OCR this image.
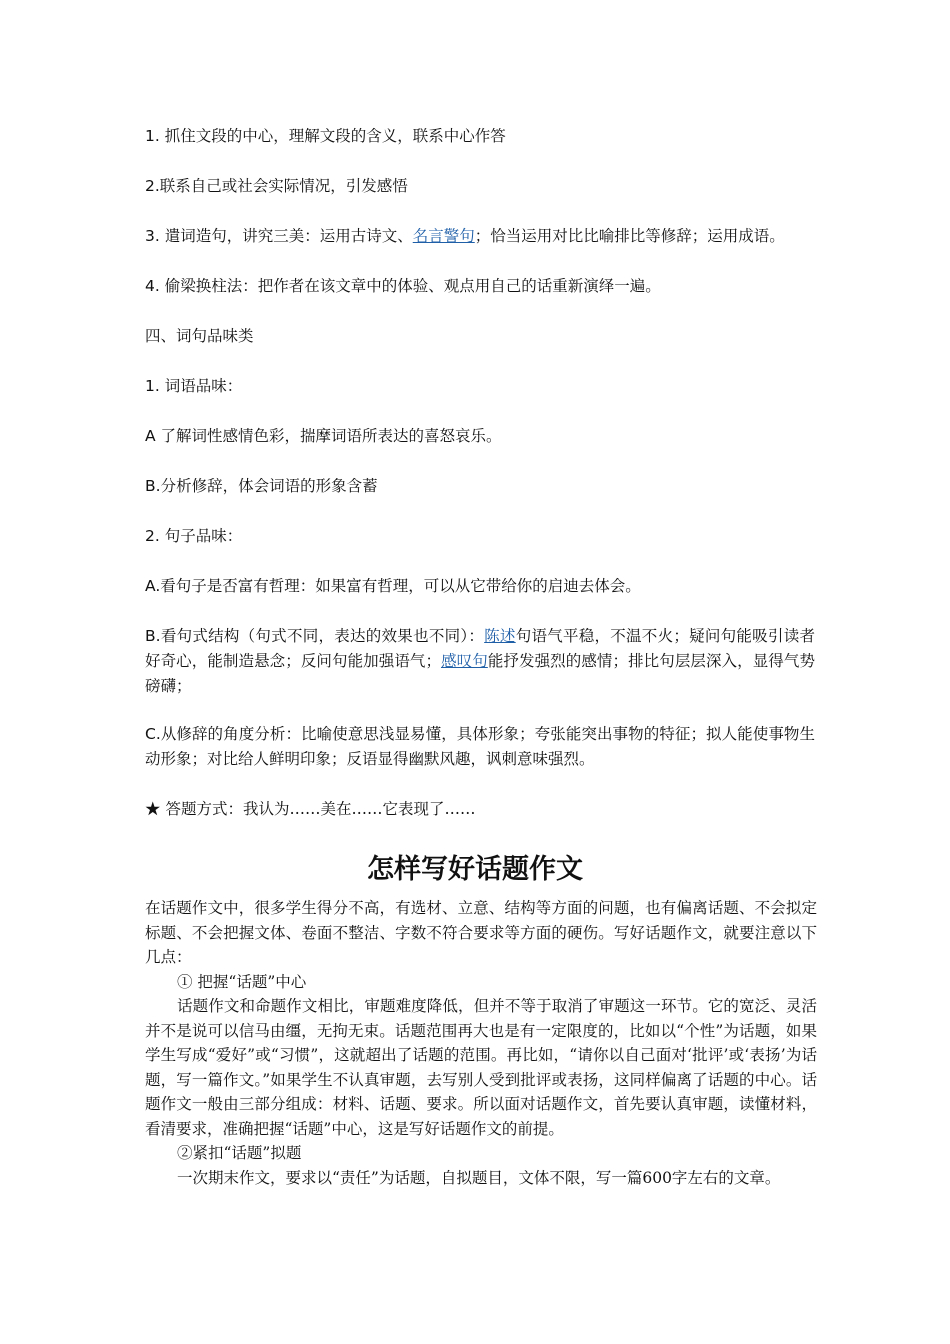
1. 抓住文段的中心，理解文段的含义，联系中心作答
2.联系自己或社会实际情况，引发感悟
3. 遣词造句，讲究三美：运用古诗文、名言警句；恰当运用对比比喻排比等修辞；运用成语。
4. 偷梁换柱法：把作者在该文章中的体验、观点用自己的话重新演绎一遍。
四、词句品味类
1. 词语品味：
A 了解词性感情色彩，揣摩词语所表达的喜怒哀乐。
B.分析修辞，体会词语的形象含蓄
2. 句子品味：
A.看句子是否富有哲理：如果富有哲理，可以从它带给你的启迪去体会。
B.看句式结构（句式不同，表达的效果也不同）：陈述句语气平稳，不温不火；疑问句能吸引读者好奇心，能制造悬念；反问句能加强语气；感叹句能抒发强烈的感情；排比句层层深入，显得气势磅礴；
C.从修辞的角度分析：比喻使意思浅显易懂，具体形象；夸张能突出事物的特征；拟人能使事物生动形象；对比给人鲜明印象；反语显得幽默风趣，讽刺意味强烈。
★ 答题方式：我认为……美在……它表现了……
怎样写好话题作文

在话题作文中，很多学生得分不高，有选材、立意、结构等方面的问题，也有偏离话题、不会拟定标题、不会把握文体、卷面不整洁、字数不符合要求等方面的硬伤。写好话题作文，就要注意以下几点：

① 把握“话题”中心

话题作文和命题作文相比，审题难度降低，但并不等于取消了审题这一环节。它的宽泛、灵活并不是说可以信马由缰，无拘无束。话题范围再大也是有一定限度的，比如以“个性”为话题，如果学生写成“爱好”或“习惯”，这就超出了话题的范围。再比如，“请你以自己面对‘批评’或‘表扬’为话题，写一篇作文。”如果学生不认真审题，去写别人受到批评或表扬，这同样偏离了话题的中心。话题作文一般由三部分组成：材料、话题、要求。所以面对话题作文，首先要认真审题，读懂材料，看清要求，准确把握“话题”中心，这是写好话题作文的前提。

②紧扣“话题”拟题

一次期末作文，要求以“责任”为话题，自拟题目，文体不限，写一篇600字左右的文章。
